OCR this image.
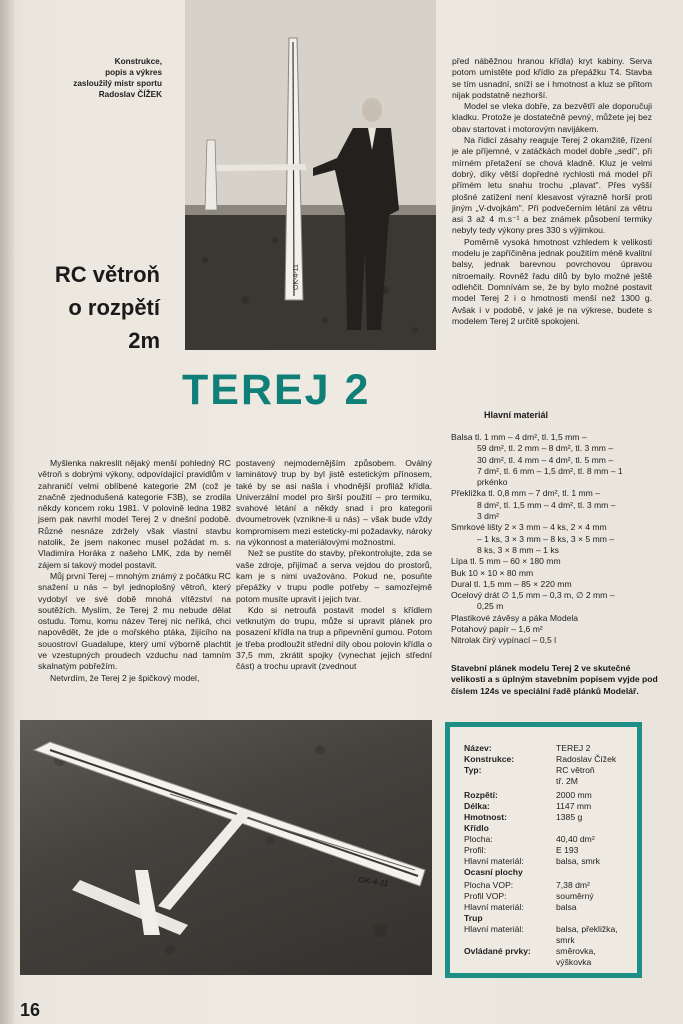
Konstrukce,
popis a výkres
zasloužilý mistr sportu
Radoslav ČÍŽEK
OK-4-11
RC větroň
o rozpětí
2m
TEREJ 2

před náběžnou hranou křídla) kryt kabiny. Serva potom umístěte pod křídlo za přepážku T4. Stavba se tím usnadní, sníží se i hmotnost a kluz se přitom nijak podstatně nezhorší.

Model se vleka dobře, za bezvětří ale doporučuji kladku. Protože je dostatečně pevný, můžete jej bez obav startovat i motorovým navijákem.

Na řídicí zásahy reaguje Terej 2 okamžitě, řízení je ale příjemné, v zatáčkách model dobře „sedí", při mírném přetažení se chová kladně. Kluz je velmi dobrý, díky větší dopředné rychlosti má model při přímém letu snahu trochu „plavat". Přes vyšší plošné zatížení není klesavost výrazně horší proti jiným „V-dvojkám". Při podvečerním létání za větru asi 3 až 4 m.s⁻¹ a bez známek působení termiky nebyly tedy výkony pres 330 s výjimkou.

Poměrně vysoká hmotnost vzhledem k velikosti modelu je zapříčiněna jednak použitím méně kvalitní balsy, jednak barevnou povrchovou úpravou nitroemaily. Rovněž řadu dílů by bylo možné ještě odlehčit. Domnívám se, že by bylo možné postavit model Terej 2 i o hmotnosti menší než 1300 g. Avšak i v podobě, v jaké je na výkrese, budete s modelem Terej 2 určitě spokojeni.

Myšlenka nakreslit nějaký menší pohledný RC větroň s dobrými výkony, odpovídající pravidlům v zahraničí velmi oblíbené kategorie 2M (což je značně zjednodušená kategorie F3B), se zrodila někdy koncem roku 1981. V polovině ledna 1982 jsem pak navrhl model Terej 2 v dnešní podobě. Různé nesnáze zdržely však vlastní stavbu natolik, že jsem nakonec musel požádat m. s. Vladimíra Horáka z našeho LMK, zda by neměl zájem si takový model postavit.

Můj první Terej – mnohým známý z počátku RC snažení u nás – byl jednoplošný větroň, který vydobyl ve své době mnohá vítězství na soutěžích. Myslím, že Terej 2 mu nebude dělat ostudu. Tomu, komu název Terej nic neříká, chci napovědět, že jde o mořského ptáka, žijícího na souostroví Guadalupe, který umí výborně plachtit ve vzestupných proudech vzduchu nad tamním skalnatým pobřežím.

Netvrdím, že Terej 2 je špičkový model,

postavený nejmodernějším způsobem. Oválný laminátový trup by byl jistě estetickým přínosem, také by se asi našla i vhodnější profiláž křídla. Univerzální model pro širší použití – pro termiku, svahové létání a někdy snad i pro kategorii dvoumetrovek (vznikne-li u nás) – však bude vždy kompromisem mezi esteticky-mi požadavky, nároky na výkonnost a materiálovými možnostmi.

Než se pustíte do stavby, překontrolujte, zda se vaše zdroje, přijímač a serva vejdou do prostorů, kam je s nimi uvažováno. Pokud ne, posuňte přepážky v trupu podle potřeby – samozřejmě potom musíte upravit i jejich tvar.

Kdo si netroufá postavit model s křídlem vetknutým do trupu, může si upravit plánek pro posazení křídla na trup a připevnění gumou. Potom je třeba prodloužit střední díly obou polovin křídla o 37,5 mm, zkrátit spojky (vynechat jejich střední část) a trochu upravit (zvednout

Hlavní materiál
Balsa tl. 1 mm – 4 dm², tl. 1,5 mm –
59 dm², tl. 2 mm – 8 dm², tl. 3 mm –
30 dm², tl. 4 mm – 4 dm², tl. 5 mm –
7 dm², tl. 6 mm – 1,5 dm², tl. 8 mm – 1
prkénko
Překližka tl. 0,8 mm – 7 dm², tl. 1 mm –
8 dm², tl. 1,5 mm – 4 dm², tl. 3 mm –
3 dm²
Smrkové lišty 2 × 3 mm – 4 ks, 2 × 4 mm
– 1 ks, 3 × 3 mm – 8 ks, 3 × 5 mm –
8 ks, 3 × 8 mm – 1 ks
Lípa tl. 5 mm – 60 × 180 mm
Buk 10 × 10 × 80 mm
Dural tl. 1,5 mm – 85 × 220 mm
Ocelový drát ∅ 1,5 mm – 0,3 m, ∅ 2 mm –
0,25 m
Plastikové závěsy a páka Modela
Potahový papír – 1,6 m²
Nitrolak čirý vypínací – 0,5 l
Stavební plánek modelu Terej 2 ve skutečné velikosti a s úplným stavebním popisem vyjde pod číslem 124s ve speciální řadě plánků Modelář.
OK-4-11
Název:	TEREJ 2
Konstrukce:	Radoslav Čížek
Typ:	RC větroň
tř. 2M
Rozpětí:	2000 mm
Délka:	1147 mm
Hmotnost:	1385 g
Křídlo
Plocha:	40,40 dm²
Profil:	E 193
Hlavní materiál:	balsa, smrk
Ocasní plochy
Plocha VOP:	7,38 dm²
Profil VOP:	souměrný
Hlavní materiál:	balsa
Trup
Hlavní materiál:	balsa, překližka,
smrk
Ovládané prvky:	směrovka,
výškovka
16
